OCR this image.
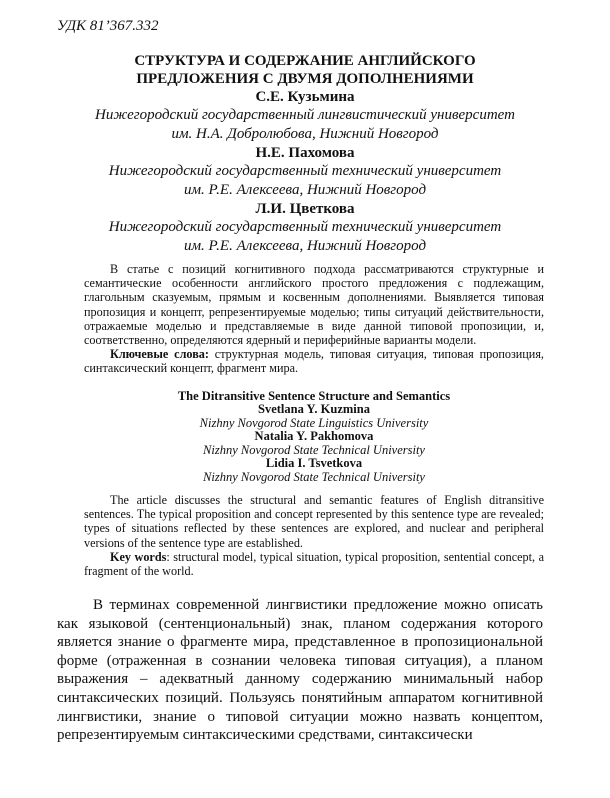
УДК 81’367.332

СТРУКТУРА И СОДЕРЖАНИЕ АНГЛИЙСКОГО

ПРЕДЛОЖЕНИЯ С ДВУМЯ ДОПОЛНЕНИЯМИ

С.Е. Кузьмина

Нижегородский государственный лингвистический университет
им. Н.А. Добролюбова, Нижний Новгород

Н.Е. Пахомова

Нижегородский государственный технический университет
им. Р.Е. Алексеева, Нижний Новгород

Л.И. Цветкова

Нижегородский государственный технический университет
им. Р.Е. Алексеева, Нижний Новгород

В статье с позиций когнитивного подхода рассматриваются структурные и семантические особенности английского простого предложения с подлежащим, глагольным сказуемым, прямым и косвенным дополнениями. Выявляется типовая пропозиция и концепт, репрезентируемые моделью; типы ситуаций действительности, отражаемые моделью и представляемые в виде данной типовой пропозиции, и, соответственно, определяются ядерный и периферийные варианты модели.
Ключевые слова: структурная модель, типовая ситуация, типовая пропозиция, синтаксический концепт, фрагмент мира.

The Ditransitive Sentence Structure and Semantics

Svetlana Y. Kuzmina

Nizhny Novgorod State Linguistics University

Natalia Y. Pakhomova

Nizhny Novgorod State Technical University

Lidia I. Tsvetkova

Nizhny Novgorod State Technical University

The article discusses the structural and semantic features of English ditransitive sentences. The typical proposition and concept represented by this sentence type are revealed; types of situations reflected by these sentences are explored, and nuclear and peripheral versions of the sentence type are established.
Key words: structural model, typical situation, typical proposition, sentential concept, a fragment of the world.
В терминах современной лингвистики предложение можно описать как языковой (сентенциональный) знак, планом содержания которого является знание о фрагменте мира, представленное в пропозициональной форме (отраженная в сознании человека типовая ситуация), а планом выражения – адекватный данному содержанию минимальный набор синтаксических позиций. Пользуясь понятийным аппаратом когнитивной лингвистики, знание о типовой ситуации можно назвать концептом, репрезентируемым синтаксическими средствами, синтаксически
